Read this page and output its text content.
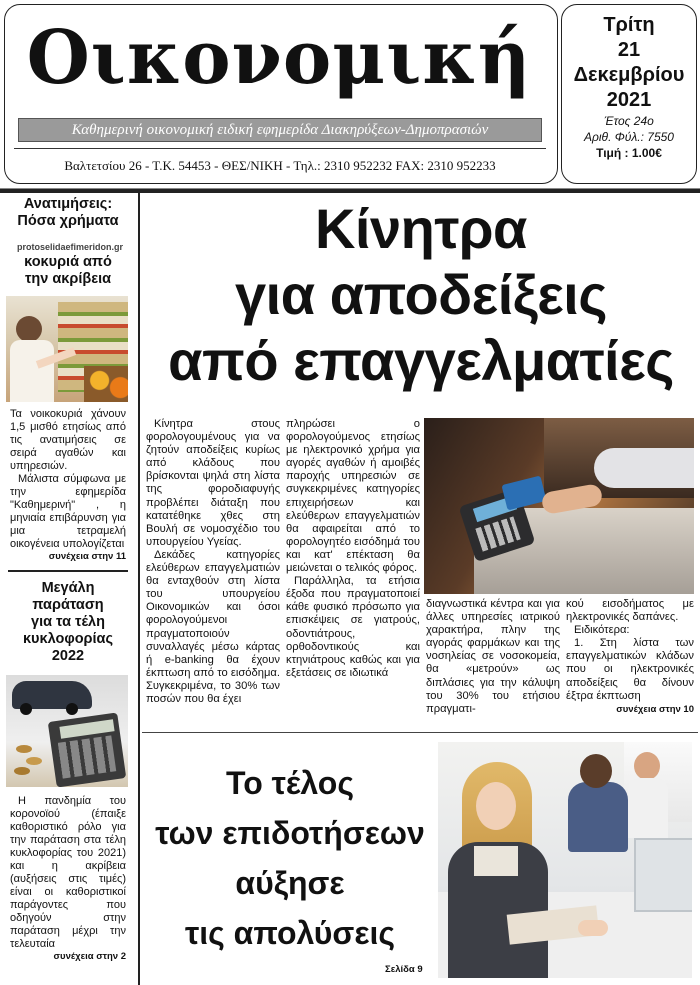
Οικονομική
Καθημερινή οικονομική ειδική εφημερίδα Διακηρύξεων-Δημοπρασιών
Βαλτετσίου 26 - Τ.Κ. 54453 - ΘΕΣ/ΝΙΚΗ - Τηλ.: 2310 952232 FAX: 2310 952233
Τρίτη
21
Δεκεμβρίου
2021
Έτος 24ο
Αριθ. Φύλ.: 7550
Τιμή : 1.00€
Ανατιμήσεις:
Πόσα χρήματα
κοκυριά από
την ακρίβεια
Τα νοικοκυριά χάνουν 1,5 μισθό ετησίως από τις ανατιμήσεις σε σειρά αγαθών και υπηρεσιών.
Μάλιστα σύμφωνα με την εφημερίδα "Καθημερινή" , η μηνιαία επιβάρυνση για μια τετραμελή οικογένεια υπολογίζεται
συνέχεια στην 11
Μεγάλη
παράταση
για τα τέλη
κυκλοφορίας
2022
Η πανδημία του κορονοϊού (έπαιξε καθοριστικό ρόλο για την παράταση στα τέλη κυκλοφορίας του 2021) και η ακρίβεια (αυξήσεις στις τιμές) είναι οι καθοριστικοί παράγοντες που οδηγούν στην παράταση μέχρι την τελευταία
συνέχεια στην 2
protoselidaefimeridon.gr	Κίνητρα
για αποδείξεις
από επαγγελματίες

Κίνητρα στους φορολογουμένους για να ζητούν αποδείξεις κυρίως από κλάδους που βρίσκονται ψηλά στη λίστα της φοροδιαφυγής προβλέπει διάταξη που κατατέθηκε χθες στη Βουλή σε νομοσχέδιο του υπουργείου Υγείας.

Δεκάδες κατηγορίες ελεύθερων επαγγελματιών θα ενταχθούν στη λίστα του υπουργείου Οικονομικών και όσοι φορολογούμενοι πραγματοποιούν συναλλαγές μέσω κάρτας ή e-banking θα έχουν έκπτωση από το εισόδημα. Συγκεκριμένα, το 30% των ποσών που θα έχει

πληρώσει ο φορολογούμενος ετησίως με ηλεκτρονικό χρήμα για αγορές αγαθών ή αμοιβές παροχής υπηρεσιών σε συγκεκριμένες κατηγορίες επιχειρήσεων και ελεύθερων επαγγελματιών θα αφαιρείται από το φορολογητέο εισόδημά του και κατ' επέκταση θα μειώνεται ο τελικός φόρος.

Παράλληλα, τα ετήσια έξοδα που πραγματοποιεί κάθε φυσικό πρόσωπο για επισκέψεις σε γιατρούς, οδοντιάτρους, ορθοδοντικούς και κτηνιάτρους καθώς και για εξετάσεις σε ιδιωτικά

διαγνωστικά κέντρα και για άλλες υπηρεσίες ιατρικού χαρακτήρα, πλην της αγοράς φαρμάκων και της νοσηλείας σε νοσοκομεία, θα «μετρούν» ως διπλάσιες για την κάλυψη του 30% του ετήσιου πραγματι-

κού εισοδήματος με ηλεκτρονικές δαπάνες.

Ειδικότερα:

1. Στη λίστα των επαγγελματικών κλάδων που οι ηλεκτρονικές αποδείξεις θα δίνουν έξτρα έκπτωση

συνέχεια στην 10
Το τέλος
των επιδοτήσεων
αύξησε
τις απολύσεις
Σελίδα 9
